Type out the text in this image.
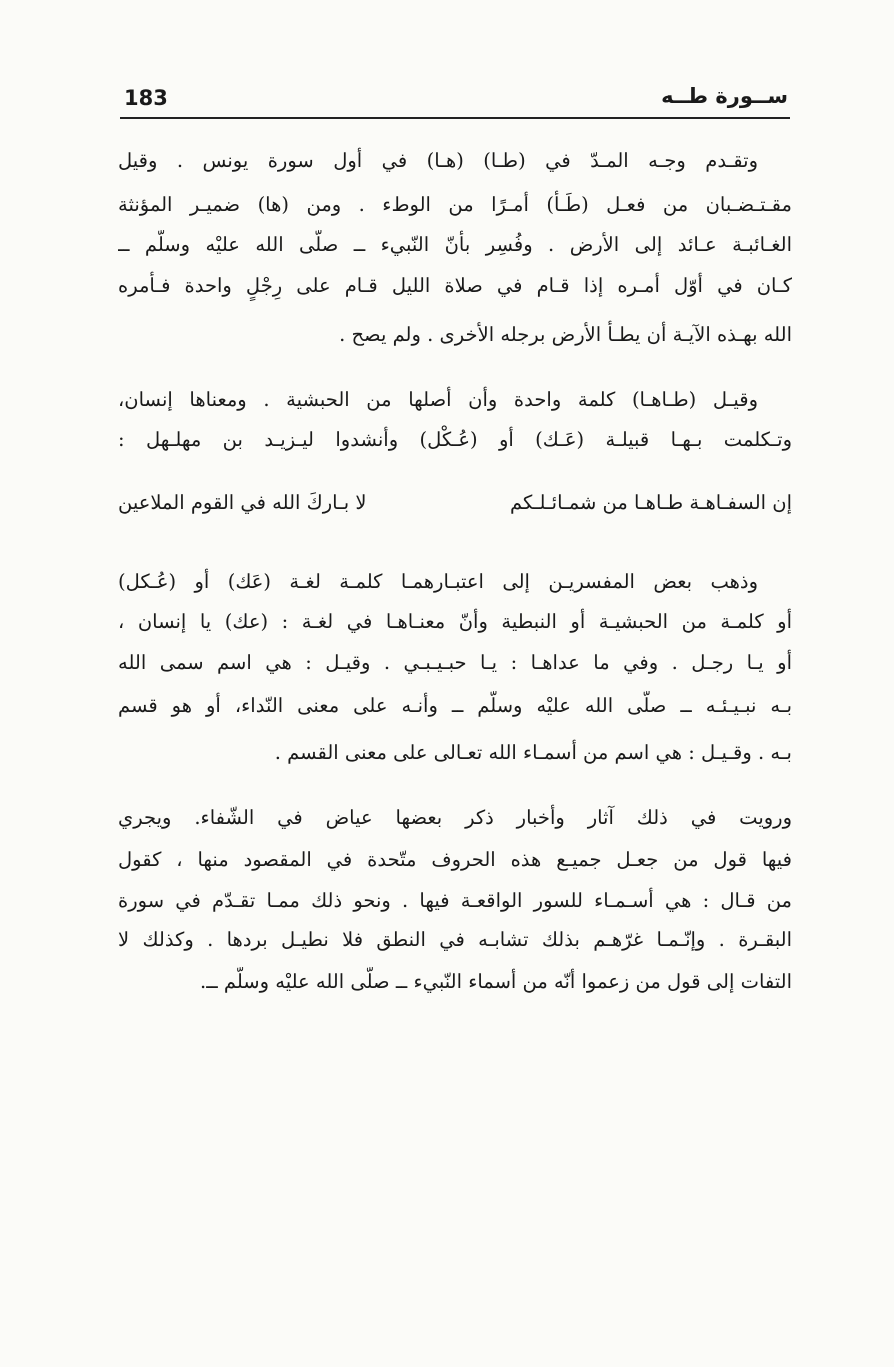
183	ســورة طــه
وتقـدم وجـه المـدّ في (طـا) (هـا) في أول سورة يونس . وقيل
مقـتـضـبان من فعـل (طَـأ) أمـرًا من الوطء . ومن (ها) ضميـر المؤنثة
الغـائبـة عـائد إلى الأرض . وفُسِر بأنّ النّبيء ــ صلّى الله عليْه وسلّم ــ
كـان في أوّل أمـره إذا قـام في صلاة الليل قـام على رِجْلٍ واحدة فـأمره
الله بهـذه الآيـة أن يطـأ الأرض برجله الأخرى . ولم يصح .
وقيـل (طـاهـا) كلمة واحدة وأن أصلها من الحبشية . ومعناها إنسان،
وتـكلمت بـهـا قبيلـة (عَـك) أو (عُـكْل) وأنشدوا ليـزيـد بن مهلـهل :
إن السفـاهـة طـاهـا من شمـائـلـكم
لا بـاركَ الله في القوم الملاعين
وذهب بعض المفسريـن إلى اعتبـارهمـا كلمـة لغـة (عَك) أو (عُـكل)
أو كلمـة من الحبشيـة أو النبطية وأنّ معنـاهـا في لغـة : (عك) يا إنسان ،
أو يـا رجـل . وفي ما عداهـا : يـا حبـيـبـي . وقيـل : هي اسم سمى الله
بـه نبـيـئـه ــ صلّى الله عليْه وسلّم ــ وأنـه على معنى النّداء، أو هو قسم
بـه . وقـيـل : هي اسم من أسمـاء الله تعـالى على معنى القسم .
ورويت في ذلك آثار وأخبار ذكر بعضها عياض في الشّفاء. ويجري
فيها قول من جعـل جميـع هذه الحروف متّحدة في المقصود منها ، كقول
من قـال : هي أسـمـاء للسور الواقعـة فيها . ونحو ذلك ممـا تقـدّم في سورة
البقـرة . وإنّـمـا غرّهـم بذلك تشابـه في النطق فلا نطيـل بردها . وكذلك لا
التفات إلى قول من زعموا أنّه من أسماء النّبيء ــ صلّى الله عليْه وسلّم ــ.
